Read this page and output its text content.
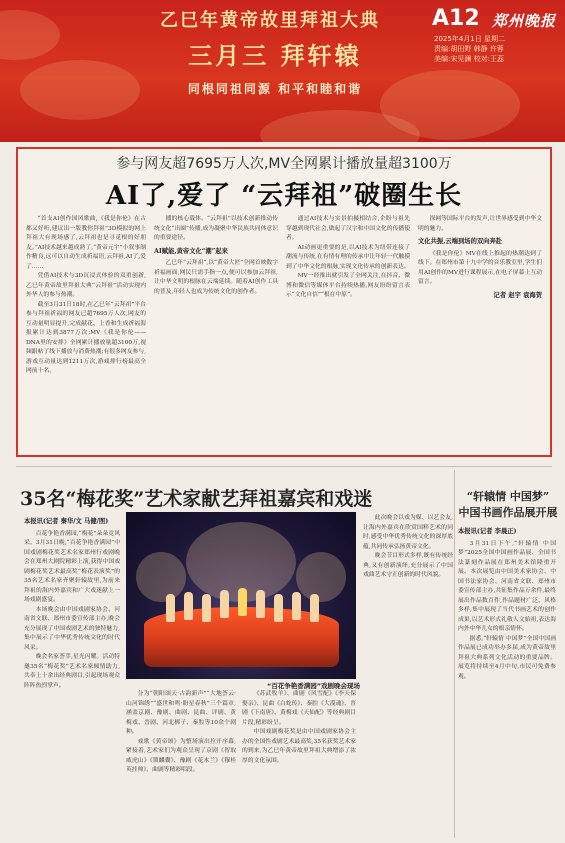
乙巳年黄帝故里拜祖大典
三月三 拜轩辕
同根同祖同源 和平和睦和谐
A12 郑州晚报
2025年4月1日 星期二
责编:胡田野 韩静 许蓉
美编:宋见澜 校对:王蕊
参与网友超7695万人次,MV全网累计播放量超3100万
AI了,爱了 “云拜祖”破圈生长

“首支AI创作国风歌曲,《我是你伦》在古都又好听,建议出一版教你拜祖”3D模拟的网上拜祖大有现场感了,云拜祖也是寻觅根的好朋友。”AI技术越来越成熟了,“黄帝元宇”小叙事制作精良,远可以自动生成祈福语,云拜祖,AI了,爱了……

凭借AI技术与3D沉浸式体验的双重创新,乙巳年黄帝故里拜祖大典“云拜祖”活动实现内外华人的参与热潮。

截至3月31日18时,在乙巳年“云拜祖”平台参与拜祖祈福的网友已超7695万人次,网友的互动量明显提升,完成献花、上香和生成祈福海报累计达到3877万次;MV《我是你伦——DNA里的安排》全网累计播放量超3100万,视频跟帖了线下播放与消费热潮;有很多网友参与,游戏互动量达到1211万次,游戏排行榜最高全网前十名。

播的核心载体。“云拜祖”以技术创新推动传统文化“出圈”传播,成为凝聚中华民族共同体意识的重要途径。

AI赋能,黄帝文化“潮”起来

乙巳年“云拜祖”,以“黄帝大匠”全网首映数字祈福画面,网民只需手指一点,便可以参加云拜祖,让中华文明的根脉在云端延续。随着AI创作工具的普及,年轻人也成为传统文化的创作者。

通过AI技术与实景拍摄相结合,企盼与祖先穿越到现代社会,做起了汉字和中国文化的传播使者。

AI动画更重要的是,以AI技术为纽带连接了潮流与传统,在有情有理的传承中让年轻一代触摸到了中华文化的根脉,实现文化传承的创新表达。

MV一经推出就引发了全网关注,在抖音、微博和微信等媒体平台持续热播,网友纷纷留言表示“文化自信”“根在中原”。

探网等国际平台的发声,让世界感受到中华文明的魅力。

文化共振,云端到场的双向奔赴

《我是你伦》MV在线上推起的热潮达到了线下。在郑州市第十九中学的音乐教室里,学生们用AI创作的MV进行课程展示,在电子屏幕上互动留言。

记者 赵宇 袁海贺
35名“梅花奖”艺术家献艺拜祖嘉宾和戏迷
本报讯(记者 秦华/文 马健/图)

百花争艳香满园,“梅花”朵朵竞风采。3月31日晚,“百花争艳香满园”中国戏剧梅花奖艺术名家郑州行戏剧晚会在郑州大剧院精彩上演,获得中国戏剧梅花奖艺术最高奖“梅花表演奖”的35名艺术名家齐聚轩辕故里,为前来拜祖的海内外嘉宾和广大戏迷献上一场戏剧盛宴。

本场晚会由中国戏剧家协会、河南省文联、郑州市委宣传部主办,晚会充分展现了中国戏剧艺术的独特魅力,集中展示了中华优秀传统文化的时代风采。

晚会名家荟萃,星光闪耀。活动特邀35名“梅花奖”艺术名家倾情助力,共奉上十余出经典剧目,引起现场观众阵阵热烈掌声。	“百花争艳香满园”戏剧晚会现场

分为“朝阳颂天·古韵新声”“大地荟云·山河锦绣”“盛世和鸣·盼星春秋”三个篇章,涵盖京剧、豫剧、曲剧、昆曲、评剧、黄梅戏、晋剧、河北梆子、秦腔等10余个剧种。

戏歌《黄帝颂》为整场演出拉开序幕,紧接着,艺术家们为观众呈现了京剧《智取威虎山》《锁麟囊》、豫剧《花木兰》《穆桂英挂帅》、曲剧等精彩唱段。

《苏武牧羊》、曲剧《风雪配》《李天保娶亲》、昆曲《白蛇传》、秦腔《大漠魂》、晋剧《下南唐》、黄梅戏《天仙配》等经典剧目片段,精彩纷呈。

中国戏剧梅花奖是由中国戏剧家协会主办的全国性戏剧艺术最高奖,35名获奖艺术家的到来,为乙巳年黄帝故里拜祖大典增添了浓厚的文化氛围。

此次晚会以戏为媒、以艺会友,让海内外嘉宾在欣赏国粹艺术的同时,感受中华优秀传统文化的深厚底蕴,共同传承弘扬黄帝文化。

晚会节目形式多样,既有传统经典,又有创新演绎,充分展示了中国戏曲艺术守正创新的时代风貌。

“轩辕情 中国梦”
中国书画作品展开展
本报讯(记者 李晨正)

3月31日下午,“轩辕情 中国梦”2025全国中国画作品展、全国书法篆刻作品展在郑州美术馆隆重开展。本次展览由中国美术家协会、中国书法家协会、河南省文联、郑州市委宣传部主办,共征集作品万余件,最终展出作品数百件,作品题材广泛、风格多样,集中展现了当代书画艺术的创作成果,以艺术形式礼敬人文始祖,表达海内外中华儿女的根亲情怀。

据悉,“轩辕情 中国梦”全国中国画作品展已成功举办多届,成为黄帝故里拜祖大典系列文化活动的重要品牌。展览将持续至4月中旬,市民可免费参观。
